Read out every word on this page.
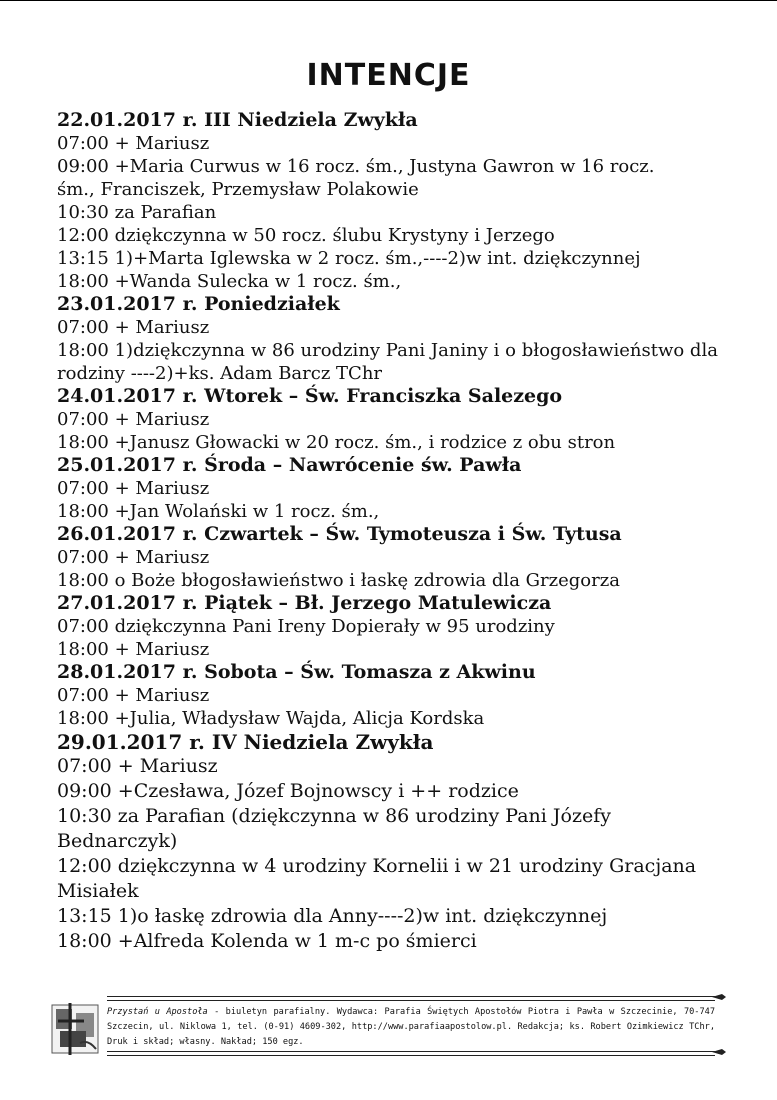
INTENCJE

22.01.2017 r. III Niedziela Zwykła

07:00 + Mariusz

09:00 +Maria Curwus w 16 rocz. śm., Justyna Gawron w 16 rocz.

śm., Franciszek, Przemysław Polakowie

10:30 za Parafian

12:00 dziękczynna w 50 rocz. ślubu Krystyny i Jerzego

13:15 1)+Marta Iglewska w 2 rocz. śm.,----2)w int. dziękczynnej

18:00 +Wanda Sulecka w 1 rocz. śm.,

23.01.2017 r. Poniedziałek

07:00 + Mariusz

18:00 1)dziękczynna w 86 urodziny Pani Janiny i o błogosławieństwo dla

rodziny ----2)+ks. Adam Barcz TChr

24.01.2017 r. Wtorek – Św. Franciszka Salezego

07:00 + Mariusz

18:00 +Janusz Głowacki w 20 rocz. śm., i rodzice z obu stron

25.01.2017 r. Środa – Nawrócenie św. Pawła

07:00 + Mariusz

18:00 +Jan Wolański w 1 rocz. śm.,

26.01.2017 r. Czwartek – Św. Tymoteusza i Św. Tytusa

07:00 + Mariusz

18:00 o Boże błogosławieństwo i łaskę zdrowia dla Grzegorza

27.01.2017 r. Piątek – Bł. Jerzego Matulewicza

07:00 dziękczynna Pani Ireny Dopierały w 95 urodziny

18:00 + Mariusz

28.01.2017 r. Sobota – Św. Tomasza z Akwinu

07:00 + Mariusz

18:00 +Julia, Władysław Wajda, Alicja Kordska

29.01.2017 r. IV Niedziela Zwykła

07:00 + Mariusz

09:00 +Czesława, Józef Bojnowscy i ++ rodzice

10:30 za Parafian (dziękczynna w 86 urodziny Pani Józefy

Bednarczyk)

12:00 dziękczynna w 4 urodziny Kornelii i w 21 urodziny Gracjana

Misiałek

13:15 1)o łaskę zdrowia dla Anny----2)w int. dziękczynnej

18:00 +Alfreda Kolenda w 1 m-c po śmierci

Przystań u Apostoła - biuletyn parafialny. Wydawca: Parafia Świętych Apostołów Piotra i Pawła w Szczecinie, 70-747 Szczecin, ul. Niklowa 1, tel. (0-91) 4609-302, http://www.parafiaapostolow.pl. Redakcja; ks. Robert Ozimkiewicz TChr, Druk i skład; własny. Nakład; 150 egz.
